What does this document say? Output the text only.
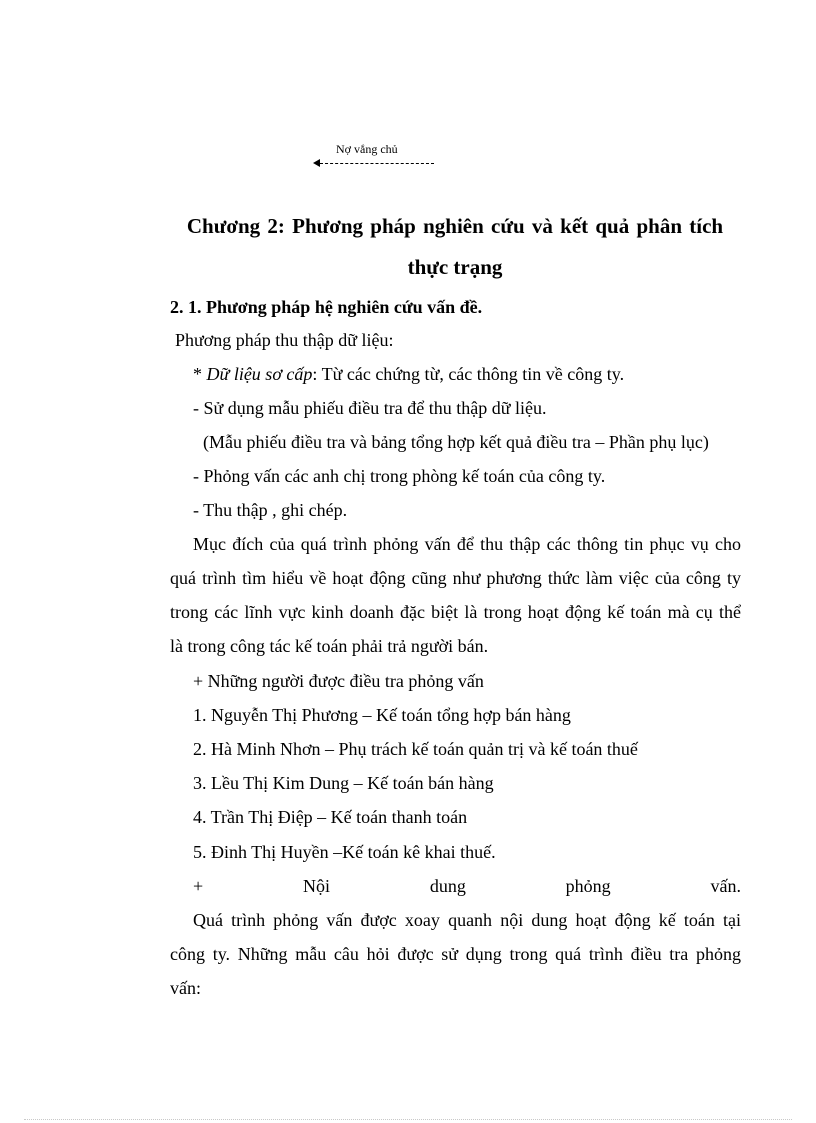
Nợ vắng chủ
Chương 2: Phương pháp nghiên cứu và kết quả phân tích
thực trạng
2. 1. Phương pháp hệ nghiên cứu vấn đề.
Phương pháp thu thập dữ liệu:
* Dữ liệu sơ cấp: Từ các chứng từ, các thông tin về công ty.
- Sử dụng mẫu phiếu điều tra để thu thập dữ liệu.
(Mẫu phiếu điều tra và bảng tổng hợp kết quả điều tra – Phần phụ lục)
- Phỏng vấn các anh chị trong phòng kế toán của công ty.
- Thu thập , ghi chép.
Mục đích của quá trình phỏng vấn để thu thập các thông tin phục vụ cho
quá trình tìm hiểu về hoạt động cũng như phương thức làm việc của công ty
trong các lĩnh vực kinh doanh đặc biệt là trong hoạt động kế toán mà cụ thể
là trong công tác kế toán phải trả người bán.
+ Những người được điều tra phỏng vấn
1. Nguyễn Thị Phương – Kế toán tổng hợp bán hàng
2. Hà Minh Nhơn – Phụ trách kế toán quản trị và kế toán thuế
3. Lều Thị Kim Dung – Kế toán bán hàng
4. Trần Thị Điệp – Kế toán thanh toán
5. Đinh Thị Huyền –Kế toán kê khai thuế.
+ Nội dung phỏng vấn.
Quá trình phỏng vấn được xoay quanh nội dung hoạt động kế toán tại
công ty. Những mẫu câu hỏi được sử dụng trong quá trình điều tra phỏng
vấn:
